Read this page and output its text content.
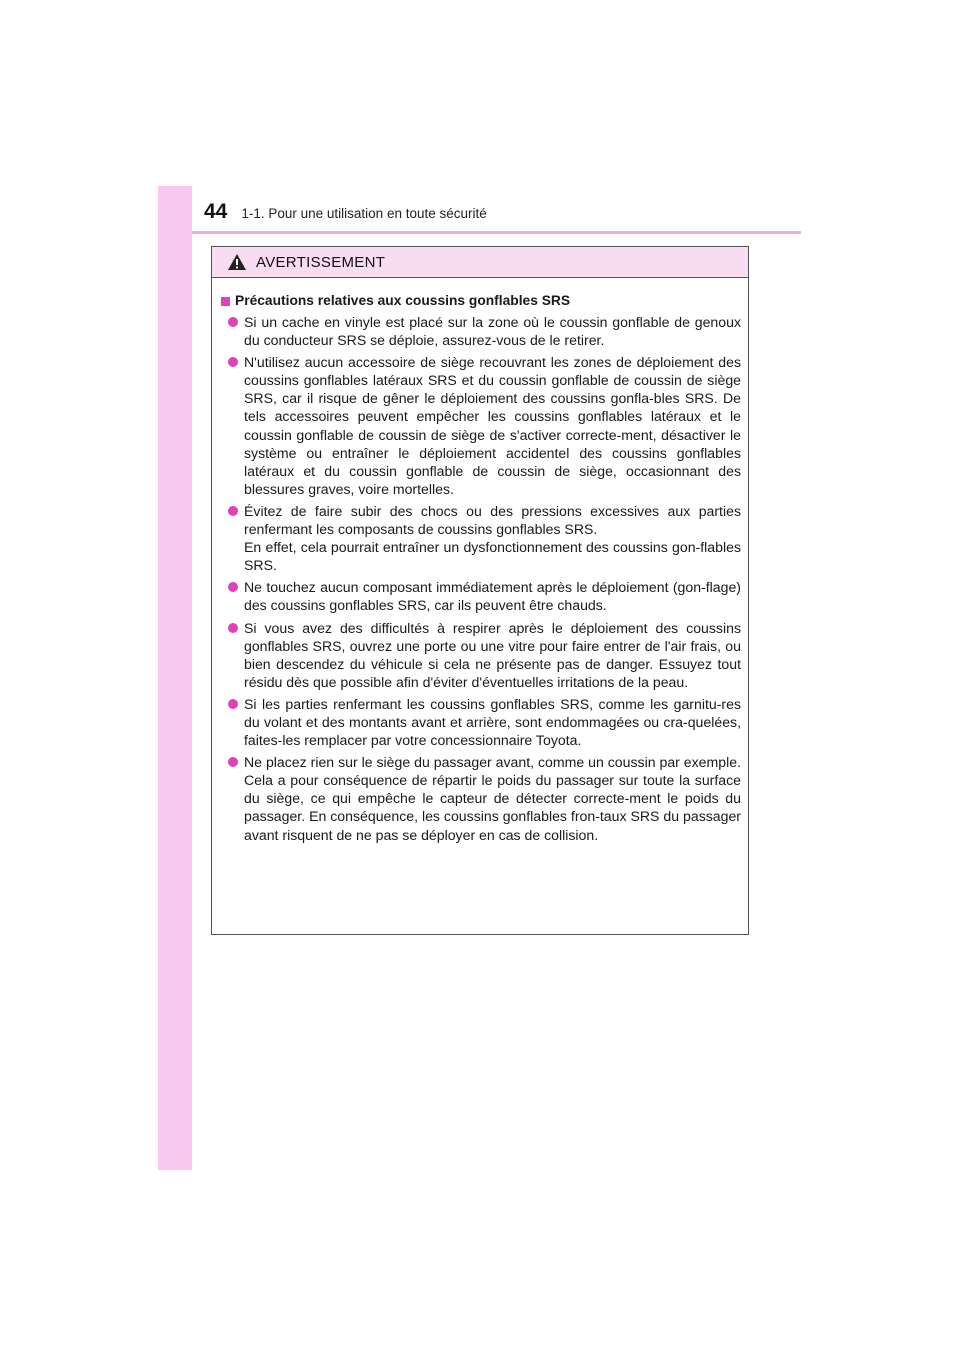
44 1-1. Pour une utilisation en toute sécurité
AVERTISSEMENT
Précautions relatives aux coussins gonflables SRS

Si un cache en vinyle est placé sur la zone où le coussin gonflable de genoux du conducteur SRS se déploie, assurez-vous de le retirer.

N'utilisez aucun accessoire de siège recouvrant les zones de déploiement des coussins gonflables latéraux SRS et du coussin gonflable de coussin de siège SRS, car il risque de gêner le déploiement des coussins gonfla-bles SRS. De tels accessoires peuvent empêcher les coussins gonflables latéraux et le coussin gonflable de coussin de siège de s'activer correcte-ment, désactiver le système ou entraîner le déploiement accidentel des coussins gonflables latéraux et du coussin gonflable de coussin de siège, occasionnant des blessures graves, voire mortelles.

Évitez de faire subir des chocs ou des pressions excessives aux parties renfermant les composants de coussins gonflables SRS.

En effet, cela pourrait entraîner un dysfonctionnement des coussins gon-flables SRS.

Ne touchez aucun composant immédiatement après le déploiement (gon-flage) des coussins gonflables SRS, car ils peuvent être chauds.

Si vous avez des difficultés à respirer après le déploiement des coussins gonflables SRS, ouvrez une porte ou une vitre pour faire entrer de l'air frais, ou bien descendez du véhicule si cela ne présente pas de danger. Essuyez tout résidu dès que possible afin d'éviter d'éventuelles irritations de la peau.

Si les parties renfermant les coussins gonflables SRS, comme les garnitu-res du volant et des montants avant et arrière, sont endommagées ou cra-quelées, faites-les remplacer par votre concessionnaire Toyota.

Ne placez rien sur le siège du passager avant, comme un coussin par exemple. Cela a pour conséquence de répartir le poids du passager sur toute la surface du siège, ce qui empêche le capteur de détecter correcte-ment le poids du passager. En conséquence, les coussins gonflables fron-taux SRS du passager avant risquent de ne pas se déployer en cas de collision.
